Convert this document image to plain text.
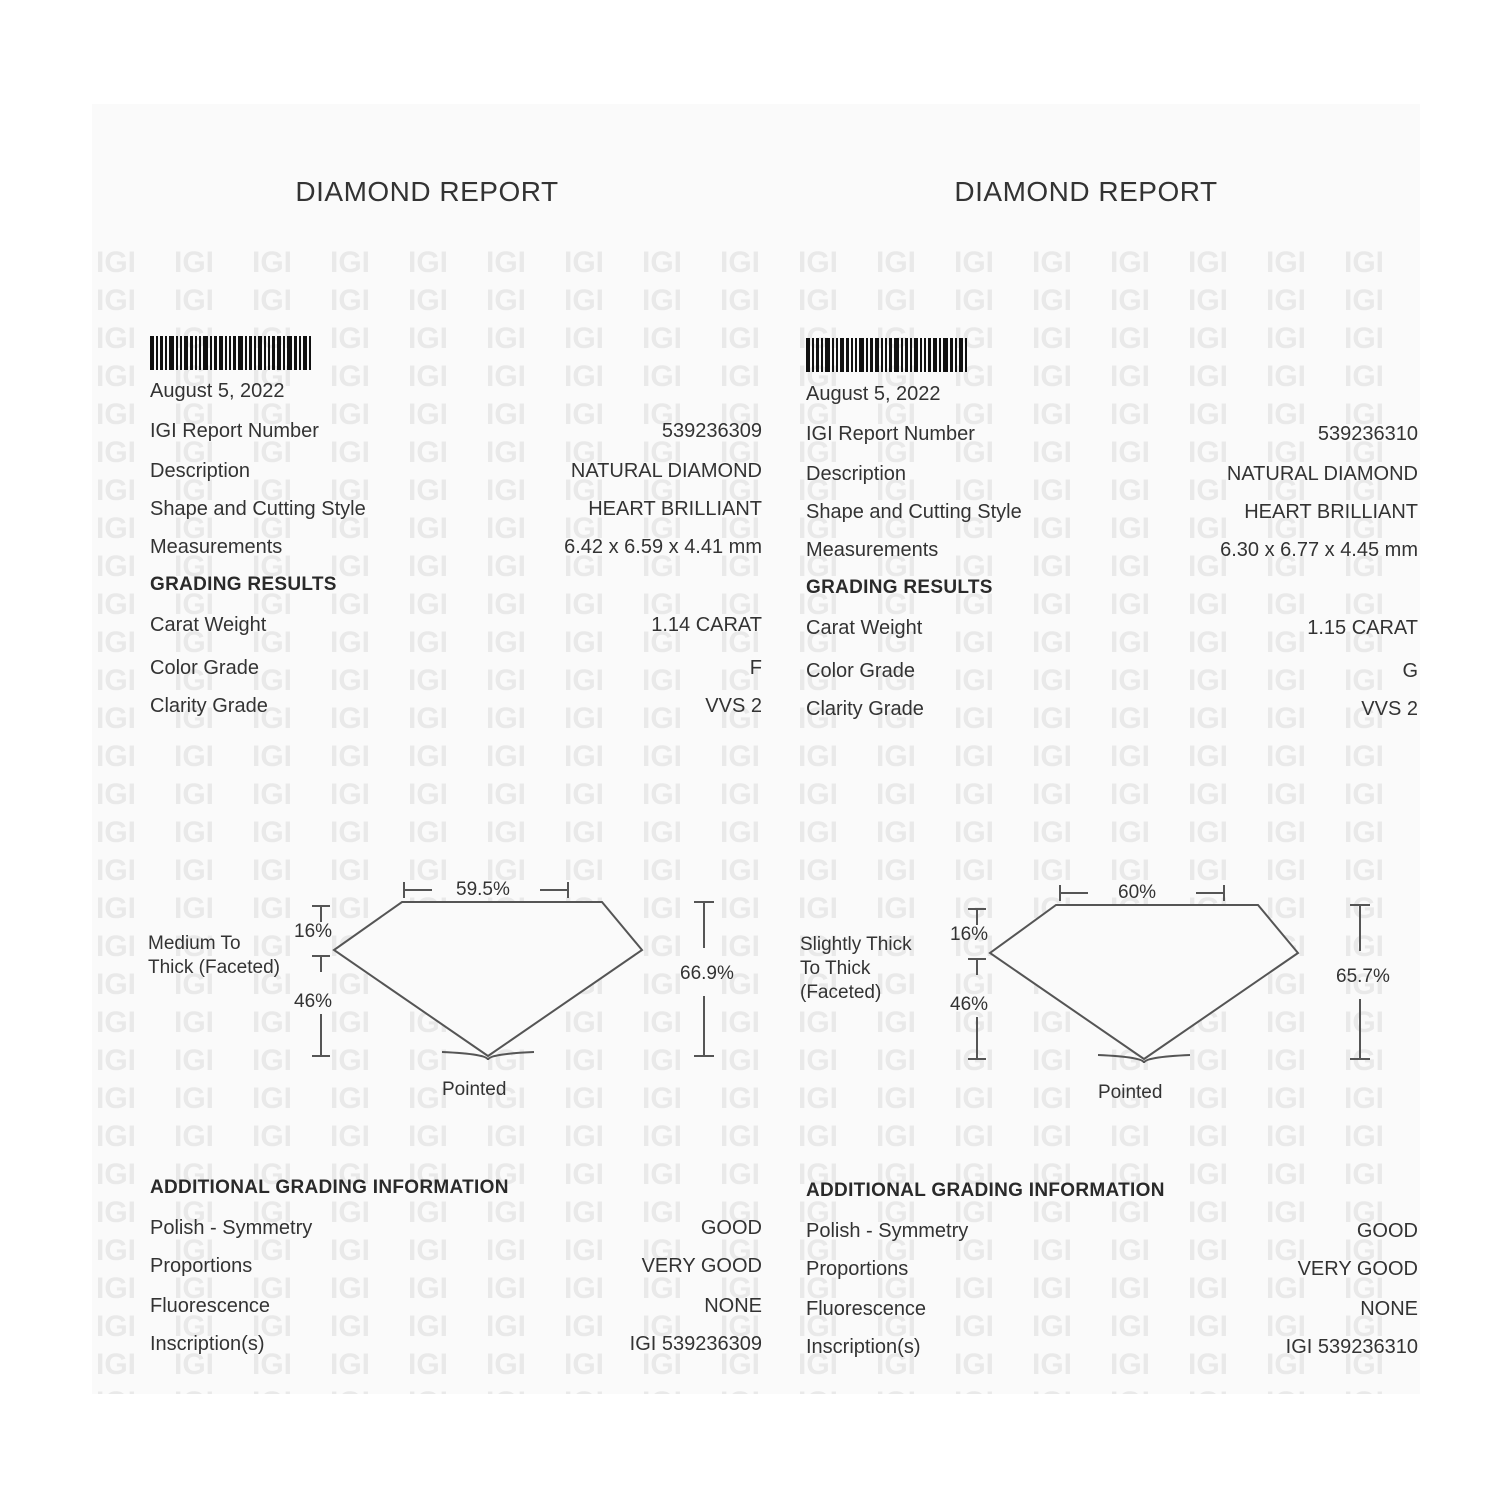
DIAMOND REPORT
August 5, 2022
IGI Report Number	539236309
Description	NATURAL DIAMOND
Shape and Cutting Style	HEART BRILLIANT
Measurements	6.42 x 6.59 x 4.41 mm
GRADING RESULTS
Carat Weight	1.14 CARAT
Color Grade	F
Clarity Grade	VVS 2
59.5%
16%
46%
66.9%
Medium To Thick (Faceted)
Pointed
ADDITIONAL GRADING INFORMATION
Polish - Symmetry	GOOD
Proportions	VERY GOOD
Fluorescence	NONE
Inscription(s)	IGI 539236309
DIAMOND REPORT
August 5, 2022
IGI Report Number	539236310
Description	NATURAL DIAMOND
Shape and Cutting Style	HEART BRILLIANT
Measurements	6.30 x 6.77 x 4.45 mm
GRADING RESULTS
Carat Weight	1.15 CARAT
Color Grade	G
Clarity Grade	VVS 2
60%
16%
46%
65.7%
Slightly Thick To Thick (Faceted)
Pointed
ADDITIONAL GRADING INFORMATION
Polish - Symmetry	GOOD
Proportions	VERY GOOD
Fluorescence	NONE
Inscription(s)	IGI 539236310
